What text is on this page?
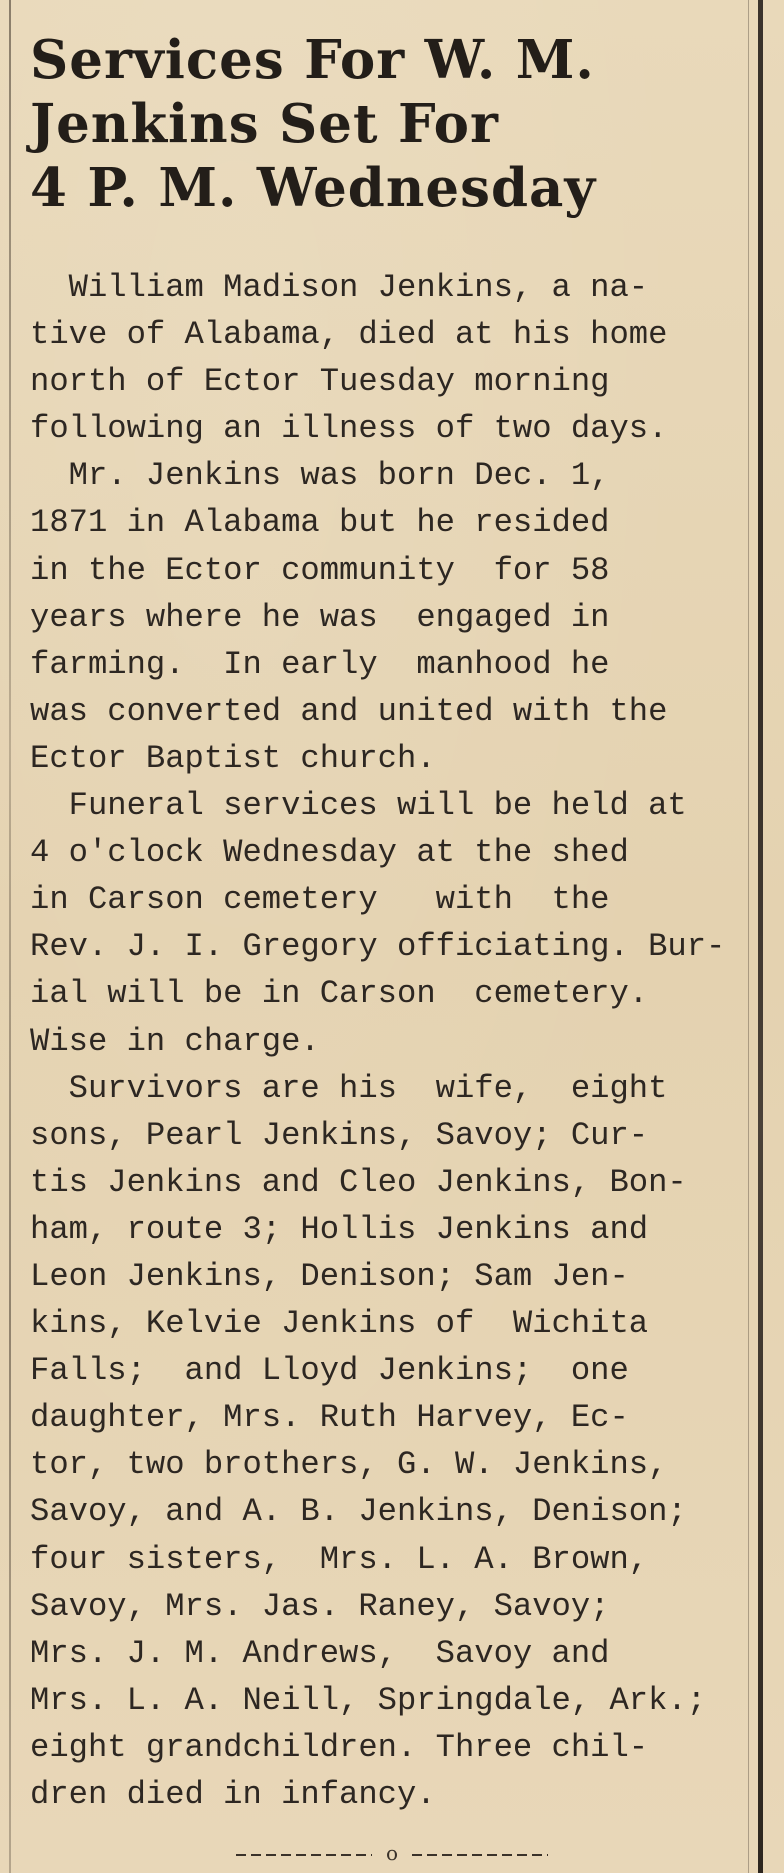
Services For W. M.
Jenkins Set For
4 P. M. Wednesday
William Madison Jenkins, a na-
tive of Alabama, died at his home
north of Ector Tuesday morning
following an illness of two days.
Mr. Jenkins was born Dec. 1,
1871 in Alabama but he resided
in the Ector community  for 58
years where he was  engaged in
farming.  In early  manhood he
was converted and united with the
Ector Baptist church.
Funeral services will be held at
4 o'clock Wednesday at the shed
in Carson cemetery   with  the
Rev. J. I. Gregory officiating. Bur-
ial will be in Carson  cemetery.
Wise in charge.
Survivors are his  wife,  eight
sons, Pearl Jenkins, Savoy; Cur-
tis Jenkins and Cleo Jenkins, Bon-
ham, route 3; Hollis Jenkins and
Leon Jenkins, Denison; Sam Jen-
kins, Kelvie Jenkins of  Wichita
Falls;  and Lloyd Jenkins;  one
daughter, Mrs. Ruth Harvey, Ec-
tor, two brothers, G. W. Jenkins,
Savoy, and A. B. Jenkins, Denison;
four sisters,  Mrs. L. A. Brown,
Savoy, Mrs. Jas. Raney, Savoy;
Mrs. J. M. Andrews,  Savoy and
Mrs. L. A. Neill, Springdale, Ark.;
eight grandchildren. Three chil-
dren died in infancy.
o
